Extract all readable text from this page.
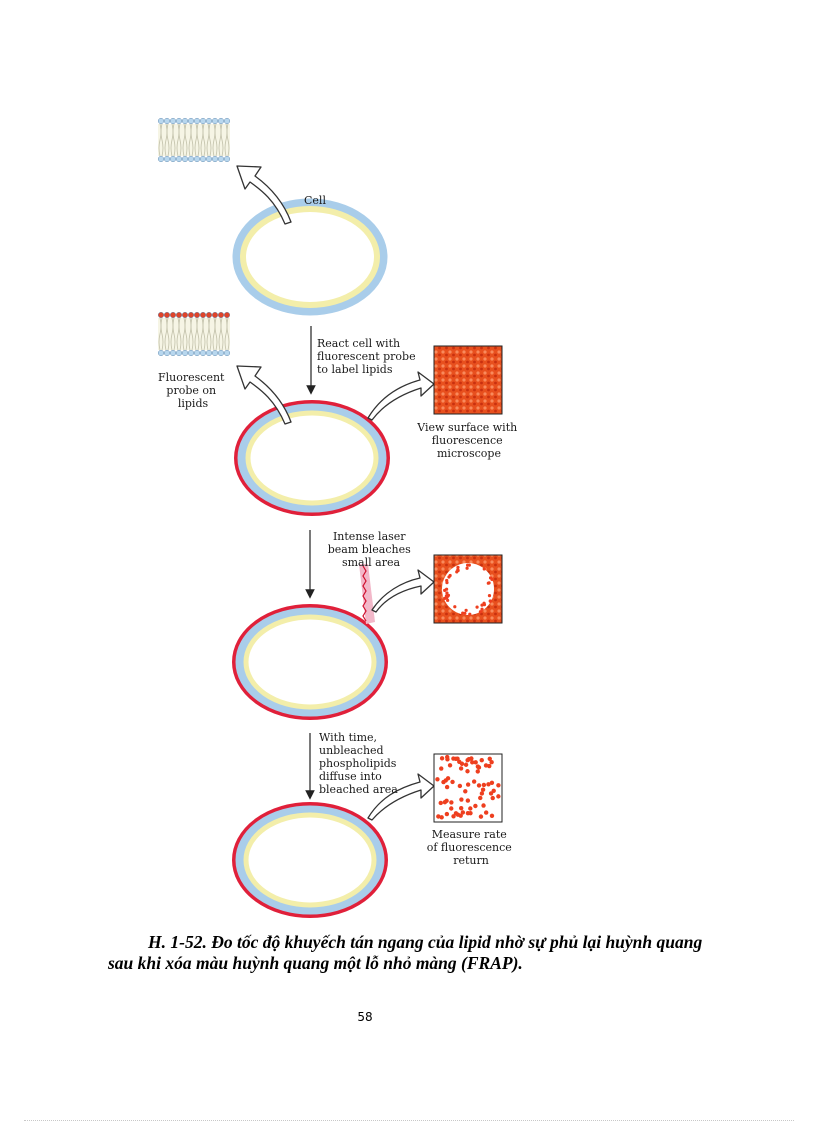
Cell
React cell with fluorescent probe to label lipids
Fluorescent probe on lipids
View surface with fluorescence microscope
Intense laser beam bleaches small area
With time, unbleached phospholipids diffuse into bleached area
Measure rate of fluorescence return
H. 1-52. Đo tốc độ khuyếch tán ngang của lipid nhờ sự phủ lại huỳnh quang sau khi xóa màu huỳnh quang một lỗ nhỏ màng (FRAP).
58
